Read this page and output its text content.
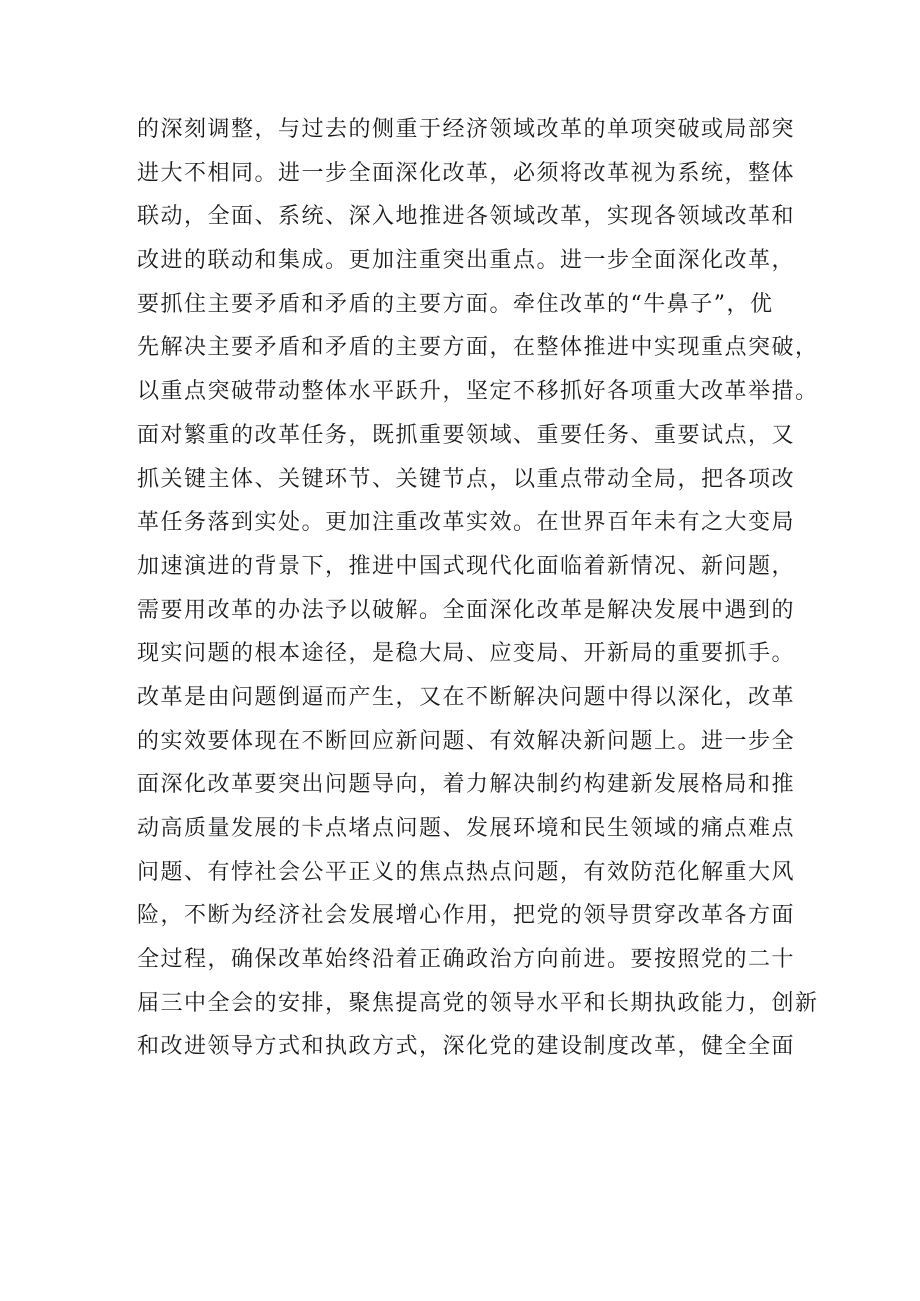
的深刻调整，与过去的侧重于经济领域改革的单项突破或局部突
进大不相同。进一步全面深化改革，必须将改革视为系统，整体
联动，全面、系统、深入地推进各领域改革，实现各领域改革和
改进的联动和集成。更加注重突出重点。进一步全面深化改革，
要抓住主要矛盾和矛盾的主要方面。牵住改革的“牛鼻子”，优
先解决主要矛盾和矛盾的主要方面，在整体推进中实现重点突破，
以重点突破带动整体水平跃升，坚定不移抓好各项重大改革举措。
面对繁重的改革任务，既抓重要领域、重要任务、重要试点，又
抓关键主体、关键环节、关键节点，以重点带动全局，把各项改
革任务落到实处。更加注重改革实效。在世界百年未有之大变局
加速演进的背景下，推进中国式现代化面临着新情况、新问题，
需要用改革的办法予以破解。全面深化改革是解决发展中遇到的
现实问题的根本途径，是稳大局、应变局、开新局的重要抓手。
改革是由问题倒逼而产生，又在不断解决问题中得以深化，改革
的实效要体现在不断回应新问题、有效解决新问题上。进一步全
面深化改革要突出问题导向，着力解决制约构建新发展格局和推
动高质量发展的卡点堵点问题、发展环境和民生领域的痛点难点
问题、有悖社会公平正义的焦点热点问题，有效防范化解重大风
险，不断为经济社会发展增心作用，把党的领导贯穿改革各方面
全过程，确保改革始终沿着正确政治方向前进。要按照党的二十
届三中全会的安排，聚焦提高党的领导水平和长期执政能力，创新
和改进领导方式和执政方式，深化党的建设制度改革，健全全面
